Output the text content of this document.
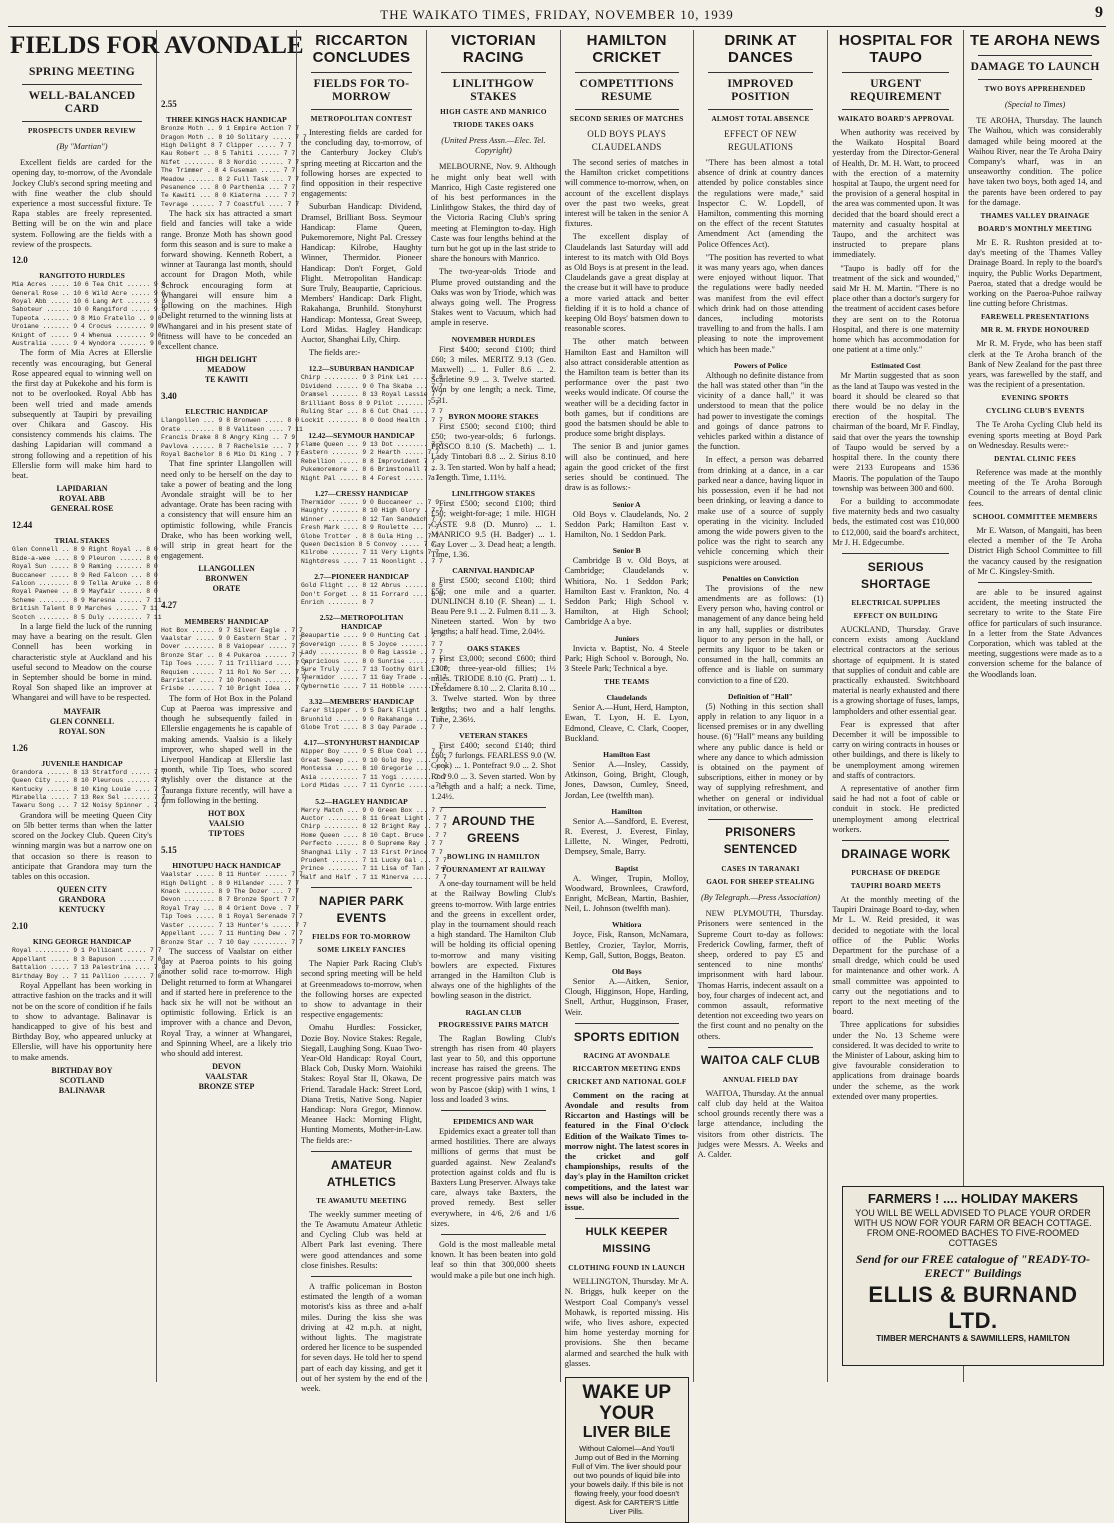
THE WAIKATO TIMES, FRIDAY, NOVEMBER 10, 1939	9
FIELDS FOR AVONDALE
SPRING MEETING
WELL-BALANCED CARD
PROSPECTS UNDER REVIEW
(By "Martian")

Excellent fields are carded for the opening day, to-morrow, of the Avondale Jockey Club's second spring meeting and with fine weather the club should experience a most successful fixture. Te Rapa stables are freely represented. Betting will be on the win and place system. Following are the fields with a review of the prospects.

12.0
RANGITOTO HURDLES
Mia Acres ..... 10 6 Tea Chit ...... 9 0
General Rose .. 10 6 Wild Acre ..... 9 0
Royal Abb ..... 10 6 Lang Art ...... 9 0
Saboteur ...... 10 0 Rangiford ..... 9 0
Tupeota ....... 9 8 Mio Fratello .. 9 0
Uroiane ....... 9 4 Crocus ........ 9 0
Knight of ..... 9 4 Whenua ........ 9 0
Australia ..... 9 4 Wyndora ....... 9 0

The form of Mia Acres at Ellerslie recently was encouraging, but General Rose appeared equal to winning well on the first day at Pukekohe and his form is not to be overlooked. Royal Abb has been well tried and made amends subsequently at Taupiri by prevailing over Chikara and Gascoy. His consistency commends his claims. The dashing Lapidarian will command a strong following and a repetition of his Ellerslie form will make him hard to beat.

LAPIDARIAN
ROYAL ABB
GENERAL ROSE
12.44
TRIAL STAKES
Glen Connell .. 8 9 Right Royal .. 8 0
Bide-a-wee .... 8 9 Pleuron ...... 8 0
Royal Sun ..... 8 9 Raming ....... 8 0
Buccaneer ..... 8 9 Red Falcon ... 8 0
Falcon ........ 8 9 Tella Aruke .. 8 0
Royal Pawnee .. 8 9 Mayfair ...... 8 0
Scheme ........ 8 9 Maresna ...... 7 11
British Talent 8 9 Marches ...... 7 11
Scotch ........ 8 5 Duly ......... 7 11

In a large field the luck of the running may have a bearing on the result. Glen Connell has been working in characteristic style at Auckland and his useful second to Meadow on the course in September should be borne in mind. Royal Son shaped like an improver at Whangarei and will have to be respected.

MAYFAIR
GLEN CONNELL
ROYAL SON
1.26
JUVENILE HANDICAP
Grandora ...... 8 13 Stratford ..... 7 7
Queen City .... 8 10 Pleurous ...... 7 7
Kentucky ...... 8 10 King Louie .... 7 7
Mirabella ..... 7 13 Rex Sel ....... 7 7
Tawaru Song ... 7 12 Noisy Spinner . 7 7

Grandora will be meeting Queen City on 5lb better terms than when the latter scored on the Jockey Club. Queen City's winning margin was but a narrow one on that occasion so there is reason to anticipate that Grandora may turn the tables on this occasion.

QUEEN CITY
GRANDORA
KENTUCKY
2.10
KING GEORGE HANDICAP
Royal ......... 9 1 Pollicant ..... 7 7
Appellant ..... 8 3 Bapuson ....... 7 0
Battalion ..... 7 13 Palestrina .... 7 0
Birthday Boy .. 7 11 Pallion ...... 7 0

Royal Appellant has been working in attractive fashion on the tracks and it will not be on the score of condition if he fails to show to advantage. Balinavar is handicapped to give of his best and Birthday Boy, who appeared unlucky at Ellerslie, will have his opportunity here to make amends.

BIRTHDAY BOY
SCOTLAND
BALINAVAR
2.55
THREE KINGS HACK HANDICAP
Bronze Moth .. 9 1 Empire Action 7 7
Dragon Moth .. 8 10 Solitary ..... 7 7
High Delight 8 7 Clipper ..... 7 7
Kau Robert .. 8 5 Tahiti ...... 7 7
Nifet ........ 8 3 Nordic ...... 7 7
The Trimmer . 8 4 Fuseman ..... 7 7
Meadow ....... 8 2 Full Task ... 7 7
Pesanence ... 8 0 Parthenia ... 7 7
Te Kawiti ... 8 0 Kiaterna .... 7 7
Tevrage ...... 7 7 Coastful .... 7 7

The hack six has attracted a smart field and fancies will take a wide range. Bronze Moth has shown good form this season and is sure to make a forward showing. Kenneth Robert, a winner at Tauranga last month, should account for Dragon Moth, while Schrock encouraging form at Whangarei will ensure him a following on the machines. High Delight returned to the winning lists at Whangarei and in his present state of fitness will have to be conceded an excellent chance.

HIGH DELIGHT
MEADOW
TE KAWITI
3.40
ELECTRIC HANDICAP
Llangollen ... 9 8 Bronwen ..... 8 0
Orate ........ 8 8 Valiteen .... 7 11
Francis Drake 8 8 Angry King .. 7 9
Pavlova ...... 8 7 Rachelsie ... 7 7
Royal Bachelor 8 6 Mio Di King . 7 7

That fine sprinter Llangollen will need only to be herself on the day to take a power of beating and the long Avondale straight will be to her advantage. Orate has been racing with a consistency that will ensure him an optimistic following, while Francis Drake, who has been working well, will strip in great heart for the engagement.

LLANGOLLEN
BRONWEN
ORATE
4.27
MEMBERS' HANDICAP
Hot Box ...... 9 7 Silver Eagle . 7 7
Vaalstar ..... 9 0 Eastern Star . 7 7
Dover ........ 8 8 Vaiopear ..... 7 7
Bronze Star .. 8 4 Pukaroa ...... 7 7
Tip Toes ..... 7 11 Trilliard .... 7 7
Requiem ...... 7 11 Rol No Ser ... 7 7
Barrister .... 7 10 Ponesh ....... 7 7
Frisbe ....... 7 10 Bright Idea .. 7 7

The form of Hot Box in the Poland Cup at Paeroa was impressive and though he subsequently failed in Ellerslie engagements he is capable of making amends. Vaalsio is a likely improver, who shaped well in the Liverpool Handicap at Ellerslie last month, while Tip Toes, who scored stylishly over the distance at the Tauranga fixture recently, will have a firm following in the betting.

HOT BOX
VAALSIO
TIP TOES
5.15
HINOTUPU HACK HANDICAP
Vaalstar ..... 8 11 Hunter ...... 7 7
High Delight . 8 9 Hilander .... 7 7
Knack ........ 8 9 The Dozer ... 7 7
Devon ........ 8 7 Bronze Sport 7 7
Royal Tray ... 8 4 Orient Dove . 7 7
Tip Toes ..... 8 1 Royal Serenade 7 7
Vaster ....... 7 13 Hunter's ..... 7 7
Appellant .... 7 11 Hunting Dew . 7 7
Bronze Star .. 7 10 Gay ......... 7 7

The success of Vaalstar on either day at Paeroa points to his going another solid race to-morrow. High Delight returned to form at Whangarei and if started here in preference to the hack six he will not be without an optimistic following. Erlick is an improver with a chance and Devon, Royal Tray, a winner at Whangarei, and Spinning Wheel, are a likely trio who should add interest.

DEVON
VAALSTAR
BRONZE STEP
RICCARTON CONCLUDES
FIELDS FOR TO-MORROW
METROPOLITAN CONTEST

Interesting fields are carded for the concluding day, to-morrow, of the Canterbury Jockey Club's spring meeting at Riccarton and the following horses are expected to find opposition in their respective engagements:

Suburban Handicap: Dividend, Dramsel, Brilliant Boss. Seymour Handicap: Flame Queen, Pukemoremore, Night Pal. Cressey Handicap: Kilrobe, Haughty Winner, Thermidor. Pioneer Handicap: Don't Forget, Gold Flight. Metropolitan Handicap: Sure Truly, Beaupartie, Capricious. Members' Handicap: Dark Flight, Rakahanga, Brunhild. Stonyhurst Handicap: Montessa, Great Sweep, Lord Midas. Hagley Handicap: Auctor, Shanghai Lily, Chirp.

The fields are:-

12.2—SUBURBAN HANDICAP
Chirp ......... 9 3 Pink Lei .... 7 8
Dividend ...... 9 0 Tha Skaba ... 7 7
Dramsel ....... 8 13 Royal Lassie 7 7
Brilliant Boss 8 9 Pilot ....... 7 7
Ruling Star ... 8 6 Cut Chai .... 7 7
Lockit ........ 8 0 Good Health . 7 7
12.42—SEYMOUR HANDICAP
Flame Queen ... 9 13 Dot ........ 7 7
Eastern ....... 9 2 Hearth ..... 7 7
Rebellion ..... 8 8 Improvident 7 7
Pukemoremore .. 8 6 Brimstonall 7 7
Night Pal ..... 8 4 Forest ..... 7 7
1.27—CRESSY HANDICAP
Thermidor ..... 9 0 Buccaneer .. 7 9
Haughty ....... 8 10 High Glory . 7 7
Winner ........ 8 12 Tan Sandwich 7 7
Fresh Mark .... 8 9 Roulette ... 7 7
Globe Trotter . 8 8 Gula Hing .. 7 7
Queen Decision 8 5 Convoy ..... 7 7
Kilrobe ....... 7 11 Very Lights 7 7
Nightdress .... 7 11 Noonlight .. 7 7
2.7—PIONEER HANDICAP
Gold Flight ... 8 12 Abrus ...... 8 5
Don't Forget .. 8 11 Forrard .... 8 0
Enrich ........ 8 7
2.52—METROPOLITAN HANDICAP
Beaupartie .... 9 0 Hunting Cat . 7 7
Sovereign ..... 8 5 Joyce ....... 7 7
Lady .......... 8 0 Rag Lassie .. 7 7
Capricious .... 8 0 Sunrise ..... 7 7
Sure Truly .... 7 13 Toothy Girl . 7 7
Thermidor ..... 7 11 Gay Trade ... 7 7
Cybernetic .... 7 11 Hobble ...... 7 7
3.32—MEMBERS' HANDICAP
Farer Slipper . 9 5 Dark Flight . 7 7
Brunhild ...... 9 0 Rakahanga ... 7 7
Globe Trot .... 8 3 Gay Parade .. 7 7
4.17—STONYHURST HANDICAP
Nipper Boy .... 9 5 Blue Coal ... 7 7
Great Sweep ... 9 10 Gold Boy .... 7 7
Montessa ...... 8 10 Gregorie .... 7 7
Asia .......... 7 11 Yogi ........ 7 7
Lord Midas .... 7 11 Cynric ...... 7 7
5.2—HAGLEY HANDICAP
Merry Match ... 9 0 Green Box ... 7 7
Auctor ........ 8 11 Great Light . 7 7
Chirp ......... 8 12 Bright Ray .. 7 7
Home Queen .... 8 10 Capt. Bruce . 7 7
Perfecto ...... 8 0 Supreme Ray . 7 7
Shanghai Lily . 7 13 First Prince 7 7
Prudent ....... 7 11 Lucky Gal ... 7 7
Prince ........ 7 11 Lisa of Tan . 7 7
Half and Half . 7 11 Minerva ..... 7 7
NAPIER PARK EVENTS
FIELDS FOR TO-MORROW
SOME LIKELY FANCIES

The Napier Park Racing Club's second spring meeting will be held at Greenmeadows to-morrow, when the following horses are expected to show to advantage in their respective engagements:

Omahu Hurdles: Fossicker, Dozie Boy. Novice Stakes: Regale, Siegall, Laughing Song. Kuao Two-Year-Old Handicap: Royal Court, Black Cob, Dusky Morn. Waiohiki Stakes: Royal Star II, Okawa, De Friend. Taradale Hack: Street Lord, Diana Tretis, Native Song. Napier Handicap: Nora Gregor, Minnow. Meanee Hack: Morning Flight, Hunting Moments, Mother-in-Law. The fields are:-

AMATEUR ATHLETICS
TE AWAMUTU MEETING

The weekly summer meeting of the Te Awamutu Amateur Athletic and Cycling Club was held at Albert Park last evening. There were good attendances and some close finishes. Results:

A traffic policeman in Boston estimated the length of a woman motorist's kiss as three and a-half miles. During the kiss she was driving at 42 m.p.h. at night, without lights. The magistrate ordered her licence to be suspended for seven days. He told her to spend part of each day kissing, and get it out of her system by the end of the week.

VICTORIAN RACING
LINLITHGOW STAKES
HIGH CASTE AND MANRICO
TRIODE TAKES OAKS
(United Press Assn.—Elec. Tel. Copyright)

MELBOURNE, Nov. 9. Although he might only beat well with Manrico, High Caste registered one of his best performances in the Linlithgow Stakes, the third day of the Victoria Racing Club's spring meeting at Flemington to-day. High Caste was four lengths behind at the turn but he got up in the last stride to share the honours with Manrico.

The two-year-olds Triode and Plume proved outstanding and the Oaks was won by Triode, which was always going well. The Progress Stakes went to Vacuum, which had ample in reserve.

NOVEMBER HURDLES

First $400; second £100; third £60; 3 miles. MERITZ 9.13 (Geo. Maxwell) ... 1. Fuller 8.6 ... 2. Scarletine 9.9 ... 3. Twelve started. Won by one length; a neck. Time, 5.31.

BYRON MOORE STAKES

First £500; second £100; third £50; two-year-olds; 6 furlongs. PRISCO 8.10 (S. Macbeth) ... 1. Lady Tintobari 8.8 ... 2. Sirius 8.10 ... 3. Ten started. Won by half a head; a length. Time, 1.11½.

LINLITHGOW STAKES

First £500; second £100; third £50; weight-for-age; 1 mile. HIGH CASTE 9.8 (D. Munro) ... 1. MANRICO 9.5 (H. Badger) ... 1. Gay Lover ... 3. Dead heat; a length. Time, 1.36.

CARNIVAL HANDICAP

First £500; second £100; third £50; one mile and a quarter. DUNLINCH 8.10 (F. Shean) ... 1. Beau Pere 9.1 ... 2. Fulmen 8.11 ... 3. Nineteen started. Won by two lengths; a half head. Time, 2.04½.

OAKS STAKES

First £3,000; second £600; third £300; three-year-old fillies; 1½ miles. TRIODE 8.10 (G. Pratt) ... 1. Dresdamere 8.10 ... 2. Clarita 8.10 ... 3. Twelve started. Won by three lengths; two and a half lengths. Time, 2.36½.

VETERAN STAKES

First £400; second £140; third £60; 7 furlongs. FEARLESS 9.0 (W. Cook) ... 1. Pontefract 9.0 ... 2. Shot Rod 9.0 ... 3. Seven started. Won by a length and a half; a neck. Time, 1.24½.

AROUND THE GREENS
BOWLING IN HAMILTON
TOURNAMENT AT RAILWAY

A one-day tournament will be held at the Railway Bowling Club's greens to-morrow. With large entries and the greens in excellent order, play in the tournament should reach a high standard. The Hamilton Club will be holding its official opening to-morrow and many visiting bowlers are expected. Fixtures arranged in the Hamilton Club is always one of the highlights of the bowling season in the district.

RAGLAN CLUB
PROGRESSIVE PAIRS MATCH

The Raglan Bowling Club's strength has risen from 40 players last year to 50, and this opportune increase has raised the greens. The recent progressive pairs match was won by Pascoe (skip) with 1 wins, 1 loss and loaded 3 wins.

EPIDEMICS AND WAR

Epidemics exact a greater toll than armed hostilities. There are always millions of germs that must be guarded against. New Zealand's protection against colds and flu is Baxters Lung Preserver. Always take care, always take Baxters, the proved remedy. Best seller everywhere, in 4/6, 2/6 and 1/6 sizes.

Gold is the most malleable metal known. It has been beaten into gold leaf so thin that 300,000 sheets would make a pile but one inch high.

HAMILTON CRICKET
COMPETITIONS RESUME
SECOND SERIES OF MATCHES
OLD BOYS PLAYS CLAUDELANDS

The second series of matches in the Hamilton cricket competitions will commence to-morrow, when, on account of the excellent displays over the past two weeks, great interest will be taken in the senior A fixtures.

The excellent display of Claudelands last Saturday will add interest to its match with Old Boys as Old Boys is at present in the lead. Claudelands gave a great display at the crease but it will have to produce a more varied attack and better fielding if it is to hold a chance of keeping Old Boys' batsmen down to reasonable scores.

The other match between Hamilton East and Hamilton will also attract considerable attention as the Hamilton team is better than its performance over the past two weeks would indicate. Of course the weather will be a deciding factor in both games, but if conditions are good the batsmen should be able to produce some bright displays.

The senior B and junior games will also be continued, and here again the good cricket of the first series should be continued. The draw is as follows:-

Senior A

Old Boys v. Claudelands, No. 2 Seddon Park; Hamilton East v. Hamilton, No. 1 Seddon Park.

Senior B

Cambridge B v. Old Boys, at Cambridge; Claudelands v. Whitiora, No. 1 Seddon Park; Hamilton East v. Frankton, No. 4 Seddon Park; High School v. Hamilton, at High School; Cambridge A a bye.

Juniors

Invicta v. Baptist, No. 4 Steele Park; High School v. Borough, No. 3 Steele Park; Technical a bye.

THE TEAMS
Claudelands

Senior A.—Hunt, Herd, Hampton, Ewan, T. Lyon, H. E. Lyon, Edmond, Cleave, C. Clark, Cooper, Buckland.

Hamilton East

Senior A.—Insley, Cassidy, Atkinson, Going, Bright, Clough, Jones, Dawson, Cumley, Sneed, Jordan, Lee (twelfth man).

Hamilton

Senior A.—Sandford, E. Everest, R. Everest, J. Everest, Finlay, Lillette, N. Winger, Pedrotti, Dempsey, Smale, Barry.

Baptist

A. Winger, Trupin, Molloy, Woodward, Brownlees, Crawford, Enright, McBean, Martin, Bashier, Neil, L. Johnson (twelfth man).

Whitiora

Joyce, Fisk, Ranson, McNamara, Bettley, Crozier, Taylor, Morris, Kemp, Gall, Sutton, Boggs, Beaton.

Old Boys

Senior A.—Aitken, Senior, Clough, Higginson, Hope, Harding, Snell, Arthur, Hugginson, Fraser, Weir.

SPORTS EDITION
RACING AT AVONDALE
RICCARTON MEETING ENDS
CRICKET AND NATIONAL GOLF

Comment on the racing at Avondale and results from Riccarton and Hastings will be featured in the Final O'clock Edition of the Waikato Times to-morrow night. The latest scores in the cricket and golf championships, results of the day's play in the Hamilton cricket competitions, and the latest war news will also be included in the issue.

HULK KEEPER MISSING
CLOTHING FOUND IN LAUNCH

WELLINGTON, Thursday. Mr A. N. Briggs, hulk keeper on the Westport Coal Company's vessel Mohawk, is reported missing. His wife, who lives ashore, expected him home yesterday morning for provisions. She then became alarmed and searched the hulk with glasses.

WAKE UP YOUR
LIVER BILE
Without Calomel—And You'll Jump out of Bed in the Morning Full of Vim. The liver should pour out two pounds of liquid bile into your bowels daily. If this bile is not flowing freely, your food doesn't digest. Ask for CARTER'S Little Liver Pills.
DRINK AT DANCES
IMPROVED POSITION
ALMOST TOTAL ABSENCE
EFFECT OF NEW REGULATIONS

"There has been almost a total absence of drink at country dances attended by police constables since the regulations were made," said Inspector C. W. Lopdell, of Hamilton, commenting this morning on the effect of the recent Statutes Amendment Act (amending the Police Offences Act).

"The position has reverted to what it was many years ago, when dances were enjoyed without liquor. That the regulations were badly needed was manifest from the evil effect which drink had on those attending dances, including motorists travelling to and from the halls. I am pleasing to note the improvement which has been made."

Powers of Police

Although no definite distance from the hall was stated other than "in the vicinity of a dance hall," it was understood to mean that the police had power to investigate the comings and goings of dance patrons to vehicles parked within a distance of the function.

In effect, a person was debarred from drinking at a dance, in a car parked near a dance, having liquor in his possession, even if he had not been drinking, or leaving a dance to make use of a source of supply operating in the vicinity. Included among the wide powers given to the police was the right to search any vehicle concerning which their suspicions were aroused.

Penalties on Conviction

The provisions of the new amendments are as follows: (1) Every person who, having control or management of any dance being held in any hall, supplies or distributes liquor to any person in the hall, or permits any liquor to be taken or consumed in the hall, commits an offence and is liable on summary conviction to a fine of £20.

Definition of "Hall"

(5) Nothing in this section shall apply in relation to any liquor in a licensed premises or in any dwelling house. (6) "Hall" means any building where any public dance is held or where any dance to which admission is obtained on the payment of subscriptions, either in money or by way of supplying refreshment, and whether on general or individual invitation, or otherwise.

PRISONERS SENTENCED
CASES IN TARANAKI
GAOL FOR SHEEP STEALING
(By Telegraph.—Press Association)

NEW PLYMOUTH, Thursday. Prisoners were sentenced in the Supreme Court to-day as follows: Frederick Cowling, farmer, theft of sheep, ordered to pay £5 and sentenced to nine months' imprisonment with hard labour. Thomas Harris, indecent assault on a boy, four charges of indecent act, and common assault, reformative detention not exceeding two years on the first count and no penalty on the others.

WAITOA CALF CLUB
ANNUAL FIELD DAY

WAITOA, Thursday. At the annual calf club day held at the Waitoa school grounds recently there was a large attendance, including the visitors from other districts. The judges were Messrs. A. Weeks and A. Calder.

HOSPITAL FOR TAUPO
URGENT REQUIREMENT
WAIKATO BOARD'S APPROVAL

When authority was received by the Waikato Hospital Board yesterday from the Director-General of Health, Dr. M. H. Watt, to proceed with the erection of a maternity hospital at Taupo, the urgent need for the provision of a general hospital in the area was commented upon. It was decided that the board should erect a maternity and casualty hospital at Taupo, and the architect was instructed to prepare plans immediately.

"Taupo is badly off for the treatment of the sick and wounded," said Mr H. M. Martin. "There is no place other than a doctor's surgery for the treatment of accident cases before they are sent on to the Rotorua Hospital, and there is one maternity home which has accommodation for one patient at a time only."

Estimated Cost

Mr Martin suggested that as soon as the land at Taupo was vested in the board it should be cleared so that there would be no delay in the erection of the hospital. The chairman of the board, Mr F. Findlay, said that over the years the township of Taupo would be served by a hospital there. In the county there were 2133 Europeans and 1536 Maoris. The population of the Taupo township was between 300 and 600.

For a building to accommodate five maternity beds and two casualty beds, the estimated cost was £10,000 to £12,000, said the board's architect, Mr J. H. Edgecumbe.

SERIOUS SHORTAGE
ELECTRICAL SUPPLIES
EFFECT ON BUILDING

AUCKLAND, Thursday. Grave concern exists among Auckland electrical contractors at the serious shortage of equipment. It is stated that supplies of conduit and cable are practically exhausted. Switchboard material is nearly exhausted and there is a growing shortage of fuses, lamps, lampholders and other essential gear.

Fear is expressed that after December it will be impossible to carry on wiring contracts in houses or other buildings, and there is likely to be unemployment among wiremen and staffs of contractors.

A representative of another firm said he had not a foot of cable or conduit in stock. He predicted unemployment among electrical workers.

DRAINAGE WORK
PURCHASE OF DREDGE
TAUPIRI BOARD MEETS

At the monthly meeting of the Taupiri Drainage Board to-day, when Mr L. W. Reid presided, it was decided to negotiate with the local office of the Public Works Department for the purchase of a small dredge, which could be used for maintenance and other work. A small committee was appointed to carry out the negotiations and to report to the next meeting of the board.

Three applications for subsidies under the No. 13 Scheme were considered. It was decided to write to the Minister of Labour, asking him to give favourable consideration to applications from drainage boards under the scheme, as the work extended over many properties.

TE AROHA NEWS
DAMAGE TO LAUNCH
TWO BOYS APPREHENDED
(Special to Times)

TE AROHA, Thursday. The launch The Waihou, which was considerably damaged while being moored at the Waihou River, near the Te Aroha Dairy Company's wharf, was in an unseaworthy condition. The police have taken two boys, both aged 14, and the parents have been ordered to pay for the damage.

THAMES VALLEY DRAINAGE
BOARD'S MONTHLY MEETING

Mr E. R. Rushton presided at to-day's meeting of the Thames Valley Drainage Board. In reply to the board's inquiry, the Public Works Department, Paeroa, stated that a dredge would be working on the Paeroa-Puhoe railway line cutting before Christmas.

FAREWELL PRESENTATIONS
MR R. M. FRYDE HONOURED

Mr R. M. Fryde, who has been staff clerk at the Te Aroha branch of the Bank of New Zealand for the past three years, was farewelled by the staff, and was the recipient of a presentation.

EVENING SPORTS
CYCLING CLUB'S EVENTS

The Te Aroha Cycling Club held its evening sports meeting at Boyd Park on Wednesday. Results were:-

DENTAL CLINIC FEES

Reference was made at the monthly meeting of the Te Aroha Borough Council to the arrears of dental clinic fees.

SCHOOL COMMITTEE MEMBERS

Mr E. Watson, of Mangaiti, has been elected a member of the Te Aroha District High School Committee to fill the vacancy caused by the resignation of Mr C. Kingsley-Smith.

are able to be insured against accident, the meeting instructed the secretary to write to the State Fire office for particulars of such insurance. In a letter from the State Advances Corporation, which was tabled at the meeting, suggestions were made as to a conversion scheme for the balance of the Woodlands loan.

FARMERS ! .... HOLIDAY MAKERS
YOU WILL BE WELL ADVISED TO PLACE YOUR ORDER WITH US NOW FOR YOUR FARM OR BEACH COTTAGE. FROM ONE-ROOMED BACHES TO FIVE-ROOMED COTTAGES
Send for our FREE catalogue of "READY-TO-ERECT" Buildings
ELLIS & BURNAND LTD.
TIMBER MERCHANTS & SAWMILLERS, HAMILTON
